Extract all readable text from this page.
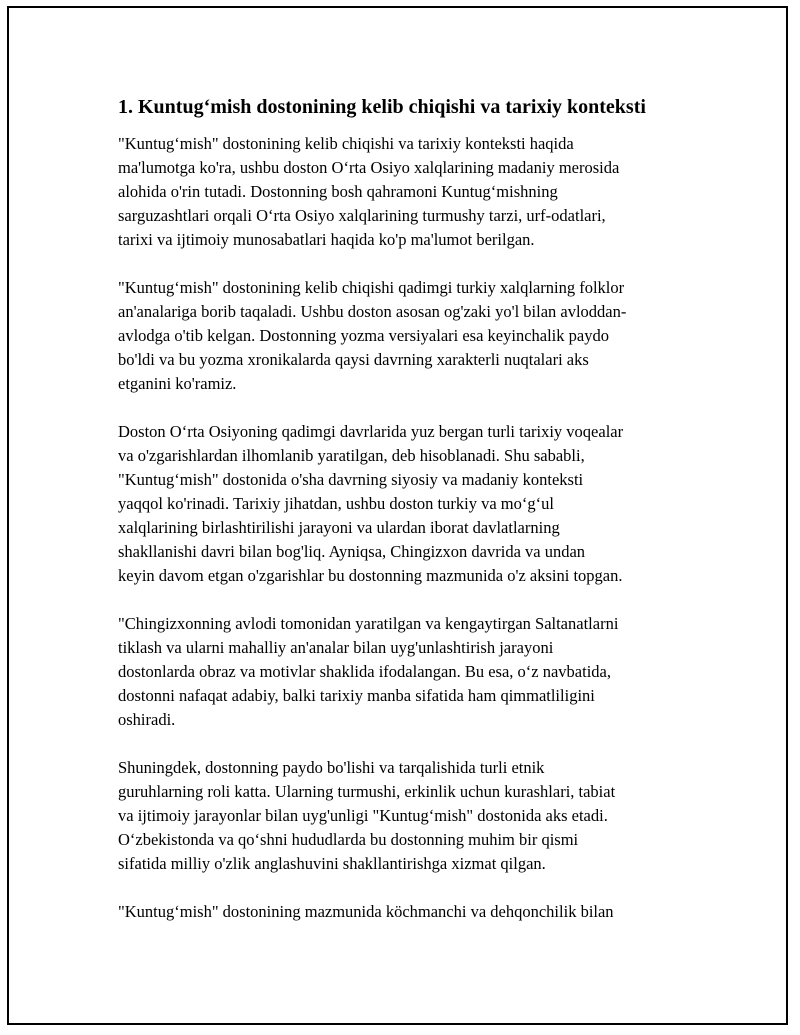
1. Kuntug‘mish dostonining kelib chiqishi va tarixiy konteksti

"Kuntug‘mish" dostonining kelib chiqishi va tarixiy konteksti haqida
ma'lumotga ko'ra, ushbu doston O‘rta Osiyo xalqlarining madaniy merosida
alohida o'rin tutadi. Dostonning bosh qahramoni Kuntug‘mishning
sarguzashtlari orqali O‘rta Osiyo xalqlarining turmushy tarzi, urf-odatlari,
tarixi va ijtimoiy munosabatlari haqida ko'p ma'lumot berilgan.

"Kuntug‘mish" dostonining kelib chiqishi qadimgi turkiy xalqlarning folklor
an'analariga borib taqaladi. Ushbu doston asosan og'zaki yo'l bilan avloddan-
avlodga o'tib kelgan. Dostonning yozma versiyalari esa keyinchalik paydo
bo'ldi va bu yozma xronikalarda qaysi davrning xarakterli nuqtalari aks
etganini ko'ramiz.

Doston O‘rta Osiyoning qadimgi davrlarida yuz bergan turli tarixiy voqealar
va o'zgarishlardan ilhomlanib yaratilgan, deb hisoblanadi. Shu sababli,
"Kuntug‘mish" dostonida o'sha davrning siyosiy va madaniy konteksti
yaqqol ko'rinadi. Tarixiy jihatdan, ushbu doston turkiy va mo‘g‘ul
xalqlarining birlashtirilishi jarayoni va ulardan iborat davlatlarning
shakllanishi davri bilan bog'liq. Ayniqsa, Chingizxon davrida va undan
keyin davom etgan o'zgarishlar bu dostonning mazmunida o'z aksini topgan.

"Chingizxonning avlodi tomonidan yaratilgan va kengaytirgan Saltanatlarni
tiklash va ularni mahalliy an'analar bilan uyg'unlashtirish jarayoni
dostonlarda obraz va motivlar shaklida ifodalangan. Bu esa, o‘z navbatida,
dostonni nafaqat adabiy, balki tarixiy manba sifatida ham qimmatliligini
oshiradi.

Shuningdek, dostonning paydo bo'lishi va tarqalishida turli etnik
guruhlarning roli katta. Ularning turmushi, erkinlik uchun kurashlari, tabiat
va ijtimoiy jarayonlar bilan uyg'unligi "Kuntug‘mish" dostonida aks etadi.
O‘zbekistonda va qo‘shni hududlarda bu dostonning muhim bir qismi
sifatida milliy o'zlik anglashuvini shakllantirishga xizmat qilgan.

"Kuntug‘mish" dostonining mazmunida köchmanchi va dehqonchilik bilan
